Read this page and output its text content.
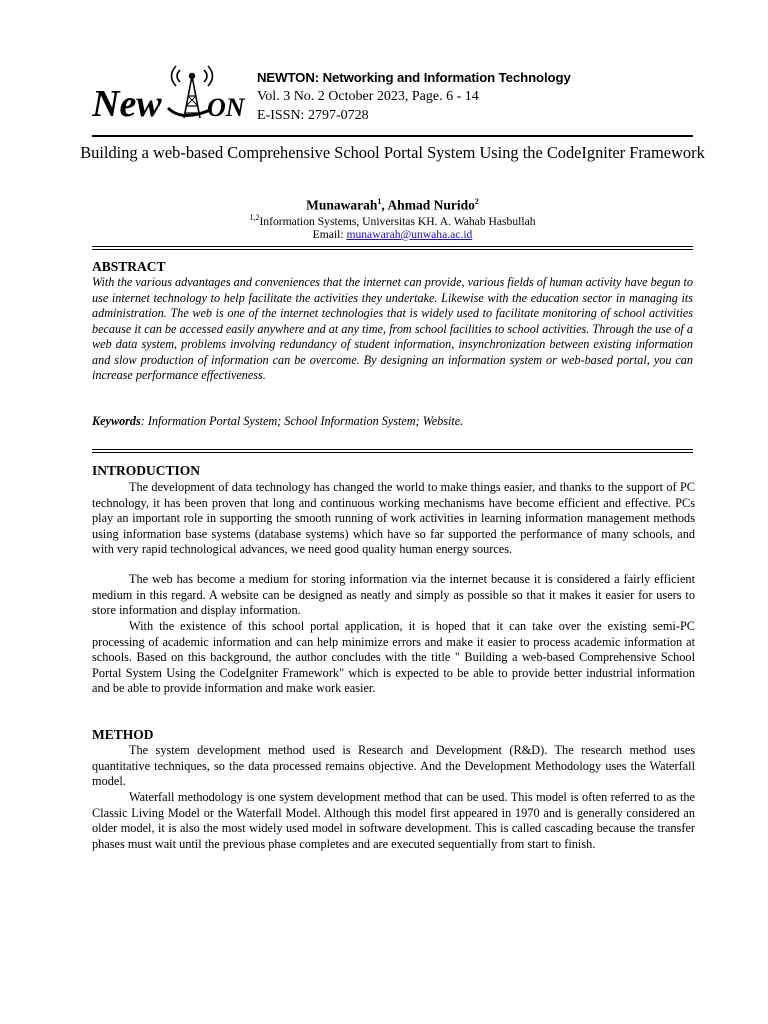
New ON
NEWTON: Networking and Information Technology
Vol. 3 No. 2 October 2023, Page. 6 - 14
E-ISSN: 2797-0728
Building a web-based Comprehensive School Portal System Using the CodeIgniter Framework
Munawarah$^1$, Ahmad Nurido$^2$
$^{1,2}$Information Systems, Universitas KH. A. Wahab Hasbullah
Email: munawarah@unwaha.ac.id
ABSTRACT
With the various advantages and conveniences that the internet can provide, various fields of human activity have begun to use internet technology to help facilitate the activities they undertake. Likewise with the education sector in managing its administration. The web is one of the internet technologies that is widely used to facilitate monitoring of school activities because it can be accessed easily anywhere and at any time, from school facilities to school activities. Through the use of a web data system, problems involving redundancy of student information, insynchronization between existing information and slow production of information can be overcome. By designing an information system or web-based portal, you can increase performance effectiveness.
Keywords: Information Portal System; School Information System; Website.
INTRODUCTION

The development of data technology has changed the world to make things easier, and thanks to the support of PC technology, it has been proven that long and continuous working mechanisms have become efficient and effective. PCs play an important role in supporting the smooth running of work activities in learning information management methods using information base systems (database systems) which have so far supported the performance of many schools, and with very rapid technological advances, we need good quality human energy sources.

The web has become a medium for storing information via the internet because it is considered a fairly efficient medium in this regard. A website can be designed as neatly and simply as possible so that it makes it easier for users to store information and display information.

With the existence of this school portal application, it is hoped that it can take over the existing semi-PC processing of academic information and can help minimize errors and make it easier to process academic information at schools. Based on this background, the author concludes with the title " Building a web-based Comprehensive School Portal System Using the CodeIgniter Framework" which is expected to be able to provide better industrial information and be able to provide information and make work easier.

METHOD

The system development method used is Research and Development (R&D). The research method uses quantitative techniques, so the data processed remains objective. And the Development Methodology uses the Waterfall model.

Waterfall methodology is one system development method that can be used. This model is often referred to as the Classic Living Model or the Waterfall Model. Although this model first appeared in 1970 and is generally considered an older model, it is also the most widely used model in software development. This is called cascading because the transfer phases must wait until the previous phase completes and are executed sequentially from start to finish.
